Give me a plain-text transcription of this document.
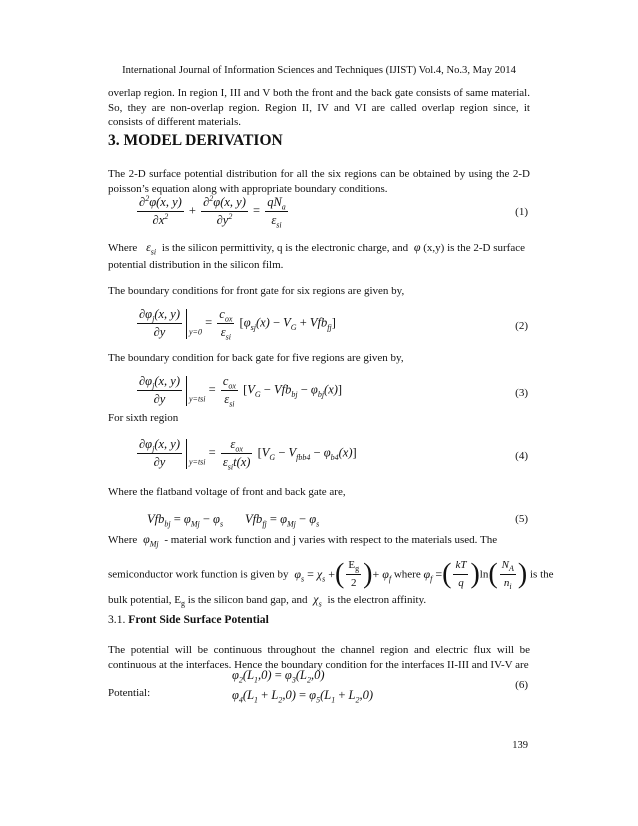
International Journal of Information Sciences and Techniques (IJIST) Vol.4, No.3, May 2014
overlap region. In region I, III and V both the front and the back gate consists of same material. So, they are non-overlap region. Region II, IV and VI are called overlap region since, it consists of different materials.
3. MODEL DERIVATION
The 2-D surface potential distribution for all the six regions can be obtained by using the 2-D poisson’s equation along with appropriate boundary conditions.
$\frac{\partial^2\varphi(x, y)}{\partial x^2} + \frac{\partial^2\varphi(x, y)}{\partial y^2} = \frac{qN_a}{\varepsilon_{si}}$	(1)
Where   $\varepsilon_{si}$ is the silicon permittivity, q is the electronic charge, and  φ (x,y) is the 2-D surface
potential distribution in the silicon film.
The boundary conditions for front gate for six regions are given by,
$\frac{\partial\varphi_j(x, y)}{\partial y} _{y=0} = \frac{c_{ox}}{\varepsilon_{si}} [\varphi_{sj}(x) - V_G + Vfb_{fj}]$	(2)
The boundary condition for back gate for five regions are given by,
$\frac{\partial\varphi_j(x, y)}{\partial y} _{y=tsi} = \frac{c_{ox}}{\varepsilon_{si}} [V_G - Vfb_{bj} - \varphi_{bj}(x)]$	(3)
For sixth region
$\frac{\partial\varphi_j(x, y)}{\partial y} _{y=tsi} = \frac{\varepsilon_{ox}}{\varepsilon_{si}t(x)} [V_G - V_{fbb4} - \varphi_{b4}(x)]$	(4)
Where the flatband voltage of front and back gate are,
$Vfb_{bj} = \varphi_{Mj} - \varphi_s$       $Vfb_{fj} = \varphi_{Mj} - \varphi_s$	(5)
Where  $\varphi_{Mj}$ - material work function and j varies with respect to the materials used. The
semiconductor work function is given by  $\varphi_s = \chi_s$ +( $\frac{E_g}{2}$ )+ $\varphi_f$ where $\varphi_f$ =( $\frac{kT}{q} )\ln( \frac{N_A}{n_i}$ ) is the
bulk potential, $E_g$ is the silicon band gap, and  $\chi_s$ is the electron affinity.
3.1. Front Side Surface Potential
The potential will be continuous throughout the channel region and electric flux will be continuous at the interfaces. Hence the boundary condition for the interfaces II-III and IV-V are
Potential:
$\varphi_2(L_1,0) = \varphi_3(L_2,0)$
$\varphi_4(L_1 + L_2,0) = \varphi_5(L_1 + L_2,0)$
(6)
139
